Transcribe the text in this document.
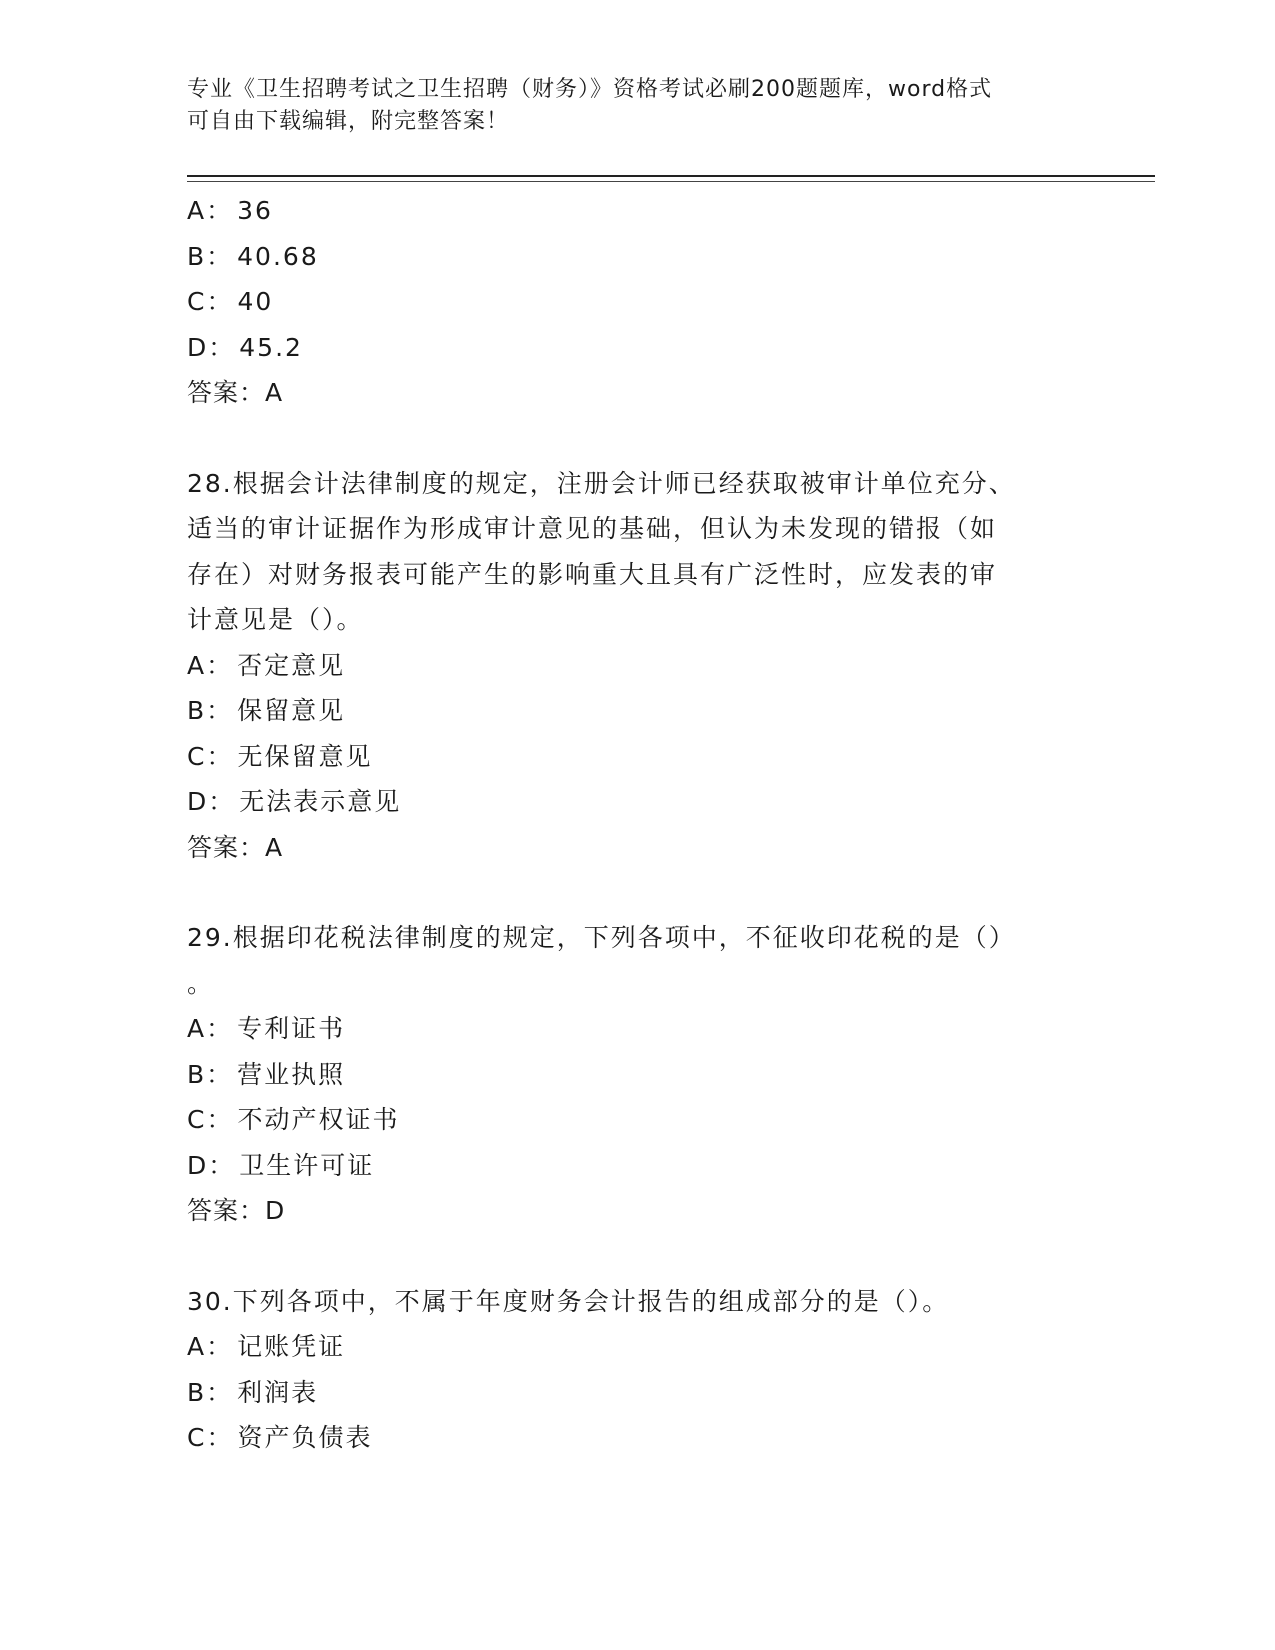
专业《卫生招聘考试之卫生招聘（财务）》资格考试必刷200题题库，word格式

可自由下载编辑，附完整答案！

A： 36
B： 40.68
C： 40
D： 45.2
答案：A
28.根据会计法律制度的规定，注册会计师已经获取被审计单位充分、
适当的审计证据作为形成审计意见的基础，但认为未发现的错报（如
存在）对财务报表可能产生的影响重大且具有广泛性时，应发表的审
计意见是（）。
A： 否定意见
B： 保留意见
C： 无保留意见
D： 无法表示意见
答案：A
29.根据印花税法律制度的规定，下列各项中，不征收印花税的是（）
。
A： 专利证书
B： 营业执照
C： 不动产权证书
D： 卫生许可证
答案：D
30.下列各项中，不属于年度财务会计报告的组成部分的是（）。
A： 记账凭证
B： 利润表
C： 资产负债表
